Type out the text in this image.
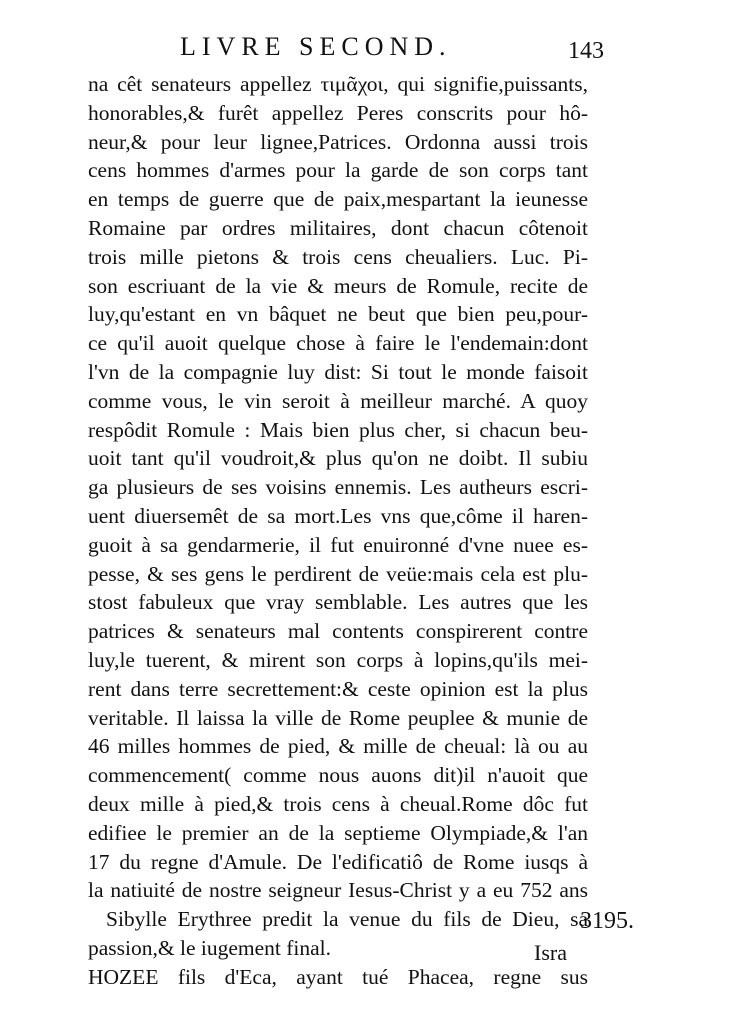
LIVRE SECOND.	143
na cêt senateurs appellez τιμᾶχοι, qui signifie,puissants,
honorables,& furêt appellez Peres conscrits pour hô-
neur,& pour leur lignee,Patrices. Ordonna aussi trois
cens hommes d'armes pour la garde de son corps tant
en temps de guerre que de paix,mespartant la ieunesse
Romaine par ordres militaires, dont chacun côtenoit
trois mille pietons & trois cens cheualiers. Luc. Pi-
son escriuant de la vie & meurs de Romule, recite de
luy,qu'estant en vn bâquet ne beut que bien peu,pour-
ce qu'il auoit quelque chose à faire le l'endemain:dont
l'vn de la compagnie luy dist: Si tout le monde faisoit
comme vous, le vin seroit à meilleur marché. A quoy
respôdit Romule : Mais bien plus cher, si chacun beu-
uoit tant qu'il voudroit,& plus qu'on ne doibt. Il subiu
ga plusieurs de ses voisins ennemis. Les autheurs escri-
uent diuersemêt de sa mort.Les vns que,côme il haren-
guoit à sa gendarmerie, il fut enuironné d'vne nuee es-
pesse, & ses gens le perdirent de veüe:mais cela est plu-
stost fabuleux que vray semblable. Les autres que les
patrices & senateurs mal contents conspirerent contre
luy,le tuerent, & mirent son corps à lopins,qu'ils mei-
rent dans terre secrettement:& ceste opinion est la plus
veritable. Il laissa la ville de Rome peuplee & munie de
46 milles hommes de pied, & mille de cheual: là ou au
commencement( comme nous auons dit)il n'auoit que
deux mille à pied,& trois cens à cheual.Rome dôc fut
edifiee le premier an de la septieme Olympiade,& l'an
17 du regne d'Amule. De l'edificatiô de Rome iusqs à
la natiuité de nostre seigneur Iesus-Christ y a eu 752 ans
Sibylle Erythree predit la venue du fils de Dieu, sa
passion,& le iugement final.
HOZEE fils d'Eca, ayant tué Phacea, regne sus
3195.
Isra
